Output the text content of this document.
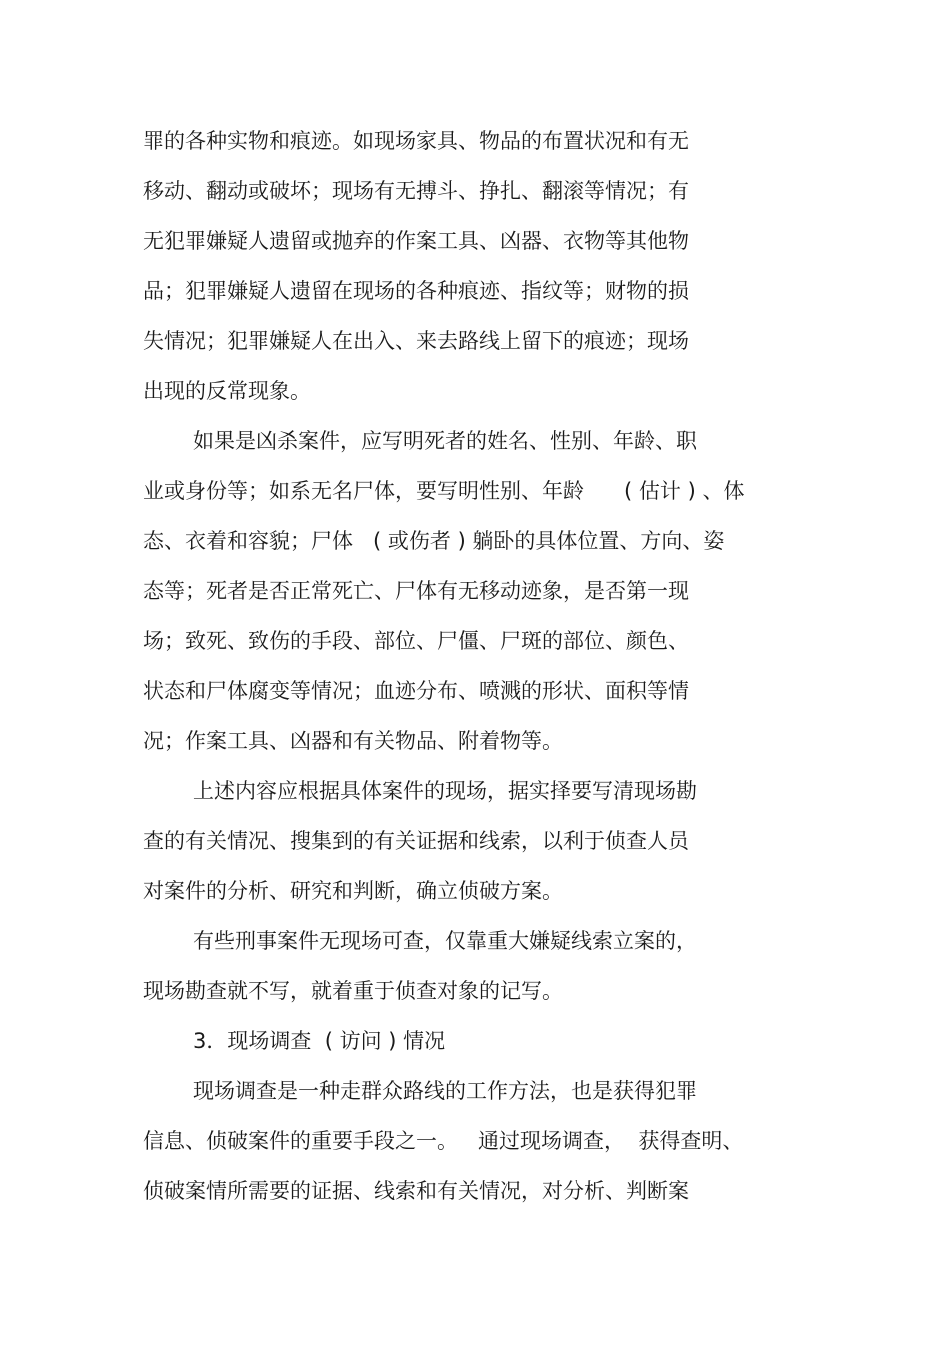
罪的各种实物和痕迹。如现场家具、物品的布置状况和有无
移动、翻动或破坏；现场有无搏斗、挣扎、翻滚等情况；有
无犯罪嫌疑人遗留或抛弃的作案工具、凶器、衣物等其他物
品；犯罪嫌疑人遗留在现场的各种痕迹、指纹等；财物的损
失情况；犯罪嫌疑人在出入、来去路线上留下的痕迹；现场
出现的反常现象。
如果是凶杀案件，应写明死者的姓名、性别、年龄、职
业或身份等；如系无名尸体，要写明性别、年龄      ( 估计 ) 、体
态、衣着和容貌；尸体   ( 或伤者 ) 躺卧的具体位置、方向、姿
态等；死者是否正常死亡、尸体有无移动迹象，是否第一现
场；致死、致伤的手段、部位、尸僵、尸斑的部位、颜色、
状态和尸体腐变等情况；血迹分布、喷溅的形状、面积等情
况；作案工具、凶器和有关物品、附着物等。
上述内容应根据具体案件的现场，据实择要写清现场勘
查的有关情况、搜集到的有关证据和线索，以利于侦查人员
对案件的分析、研究和判断，确立侦破方案。
有些刑事案件无现场可查，仅靠重大嫌疑线索立案的，
现场勘查就不写，就着重于侦查对象的记写。
3．现场调查  ( 访问 ) 情况
现场调查是一种走群众路线的工作方法，也是获得犯罪
信息、侦破案件的重要手段之一。   通过现场调查，  获得查明、
侦破案情所需要的证据、线索和有关情况，对分析、判断案
